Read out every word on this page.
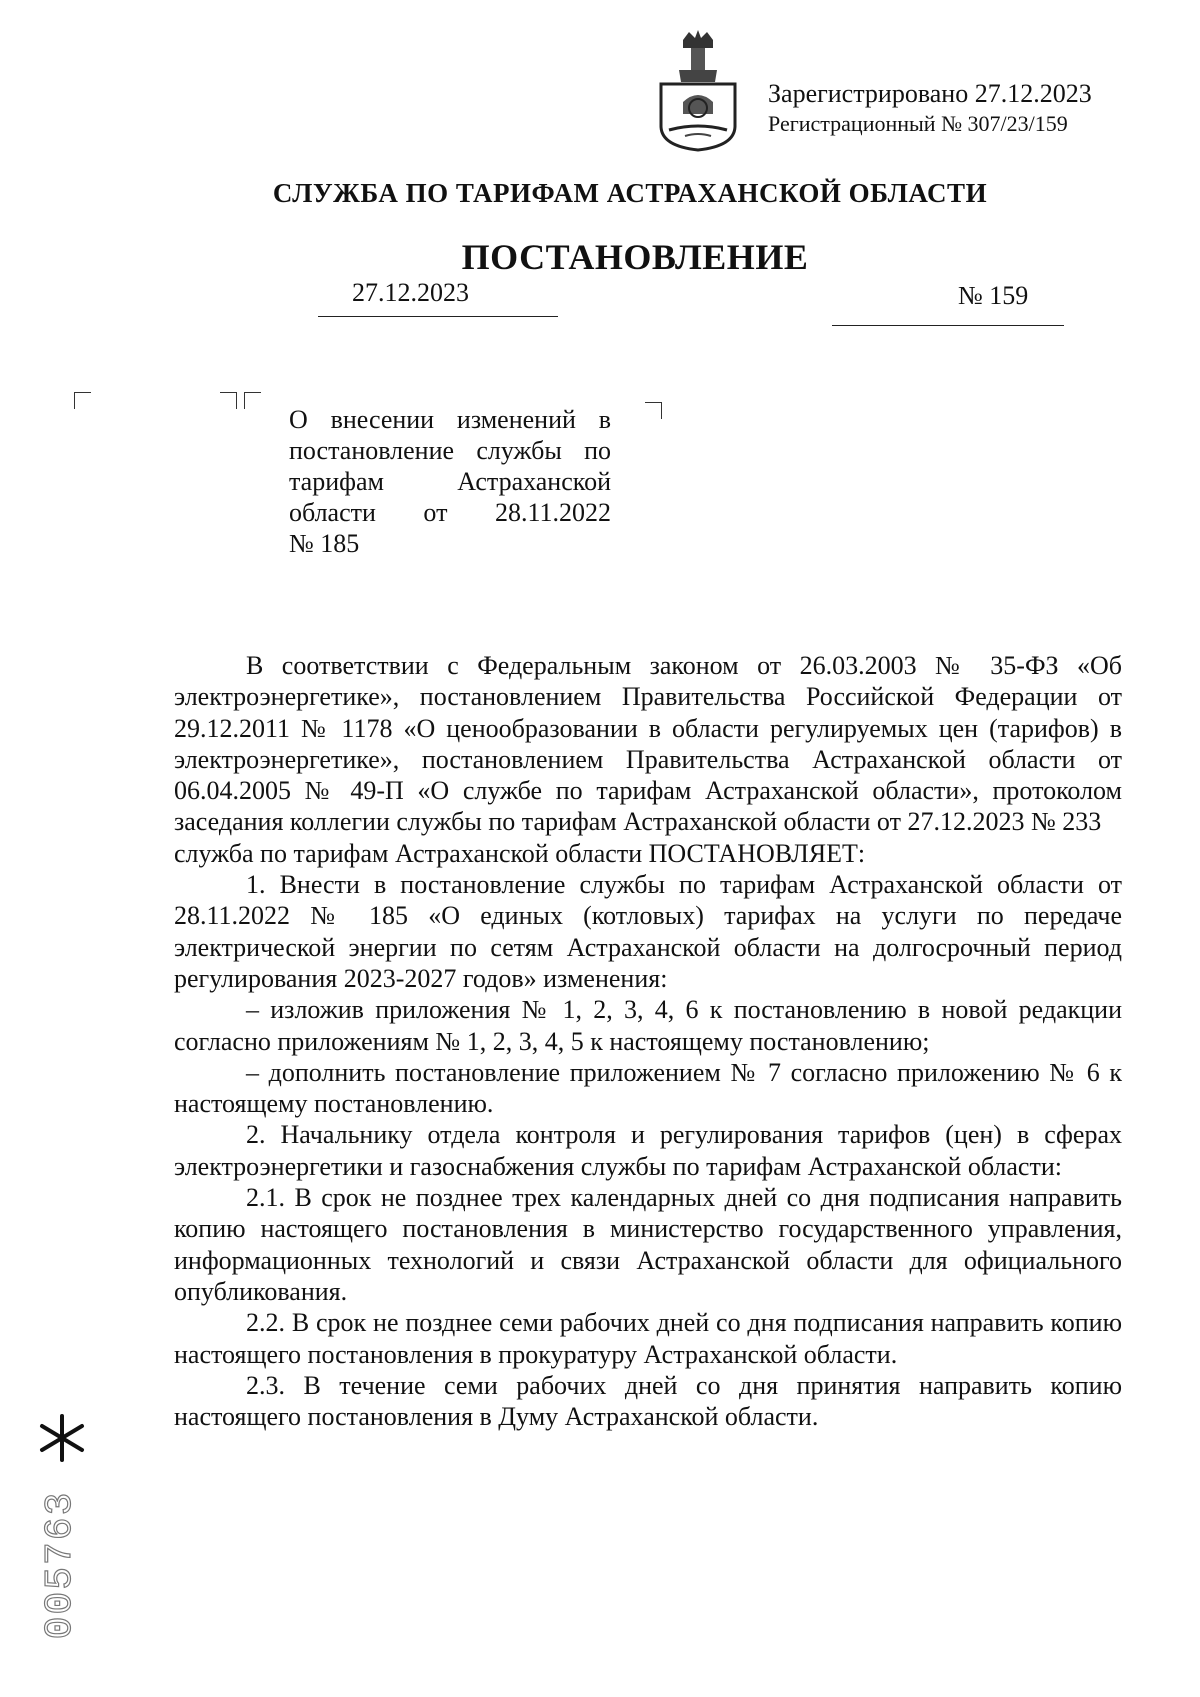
Зарегистрировано 27.12.2023
Регистрационный № 307/23/159
СЛУЖБА ПО ТАРИФАМ АСТРАХАНСКОЙ ОБЛАСТИ
ПОСТАНОВЛЕНИЕ
27.12.2023	№ 159
О внесении изменений в
постановление службы по
тарифам Астраханской
области от 28.11.2022
№ 185

В соответствии с Федеральным законом от 26.03.2003 № 35-ФЗ «Об электроэнергетике», постановлением Правительства Российской Федерации от 29.12.2011 № 1178 «О ценообразовании в области регулируемых цен (тарифов) в электроэнергетике», постановлением Правительства Астраханской области от 06.04.2005 № 49-П «О службе по тарифам Астраханской области», протоколом заседания коллегии службы по тарифам Астраханской области от 27.12.2023 № 233

служба по тарифам Астраханской области ПОСТАНОВЛЯЕТ:

1. Внести в постановление службы по тарифам Астраханской области от 28.11.2022 № 185 «О единых (котловых) тарифах на услуги по передаче электрической энергии по сетям Астраханской области на долгосрочный период регулирования 2023-2027 годов» изменения:

– изложив приложения № 1, 2, 3, 4, 6 к постановлению в новой редакции согласно приложениям № 1, 2, 3, 4, 5 к настоящему постановлению;

– дополнить постановление приложением № 7 согласно приложению № 6 к настоящему постановлению.

2. Начальнику отдела контроля и регулирования тарифов (цен) в сферах электроэнергетики и газоснабжения службы по тарифам Астраханской области:

2.1. В срок не позднее трех календарных дней со дня подписания направить копию настоящего постановления в министерство государственного управления, информационных технологий и связи Астраханской области для официального опубликования.

2.2. В срок не позднее семи рабочих дней со дня подписания направить копию настоящего постановления в прокуратуру Астраханской области.

2.3. В течение семи рабочих дней со дня принятия направить копию настоящего постановления в Думу Астраханской области.

005763
